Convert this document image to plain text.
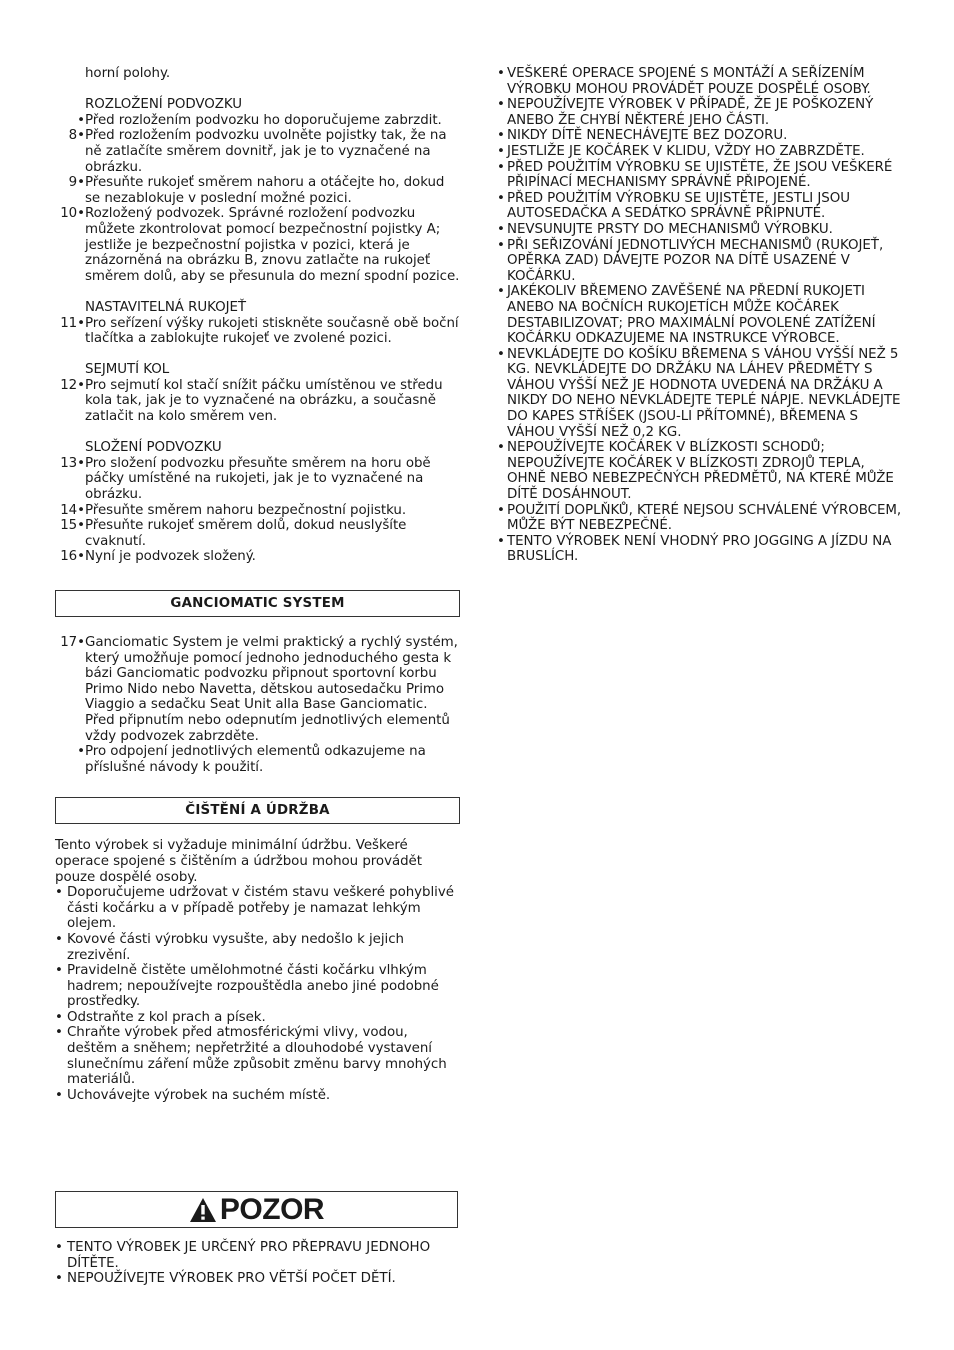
horní polohy.
ROZLOŽENÍ PODVOZKU
• Před rozložením podvozku ho doporučujeme zabrzdit.
8• Před rozložením podvozku uvolněte pojistky tak, že na ně zatlačíte směrem dovnitř, jak je to vyznačené na obrázku.
9• Přesuňte rukojeť směrem nahoru a otáčejte ho, dokud se nezablokuje v poslední možné pozici.
10• Rozložený podvozek. Správné rozložení podvozku můžete zkontrolovat pomocí bezpečnostní pojistky A; jestliže je bezpečnostní pojistka v pozici, která je znázorněná na obrázku B, znovu zatlačte na rukojeť směrem dolů, aby se přesunula do mezní spodní pozice.
NASTAVITELNÁ RUKOJEŤ
11• Pro seřízení výšky rukojeti stiskněte současně obě boční tlačítka a zablokujte rukojeť ve zvolené pozici.
SEJMUTÍ KOL
12• Pro sejmutí kol stačí snížit páčku umístěnou ve středu kola tak, jak je to vyznačené na obrázku, a současně zatlačit na kolo směrem ven.
SLOŽENÍ PODVOZKU
13• Pro složení podvozku přesuňte směrem na horu obě páčky umístěné na rukojeti, jak je to vyznačené na obrázku.
14• Přesuňte směrem nahoru bezpečnostní pojistku.
15• Přesuňte rukojeť směrem dolů, dokud neuslyšíte cvaknutí.
16• Nyní je podvozek složený.
GANCIOMATIC SYSTEM
17• Ganciomatic System je velmi praktický a rychlý systém, který umožňuje pomocí jednoho jednoduchého gesta k bázi Ganciomatic podvozku připnout sportovní korbu Primo Nido nebo Navetta, dětskou autosedačku Primo Viaggio a sedačku Seat Unit alla Base Ganciomatic. Před připnutím nebo odepnutím jednotlivých elementů vždy podvozek zabrzděte.
• Pro odpojení jednotlivých elementů odkazujeme na příslušné návody k použití.
ČIŠTĚNÍ A ÚDRŽBA
Tento výrobek si vyžaduje minimální údržbu. Veškeré operace spojené s čištěním a údržbou mohou provádět pouze dospělé osoby.
• Doporučujeme udržovat v čistém stavu veškeré pohyblivé části kočárku a v případě potřeby je namazat lehkým olejem.
• Kovové části výrobku vysušte, aby nedošlo k jejich zrezivění.
• Pravidelně čistěte umělohmotné části kočárku vlhkým hadrem; nepoužívejte rozpouštědla anebo jiné podobné prostředky.
• Odstraňte z kol prach a písek.
• Chraňte výrobek před atmosférickými vlivy, vodou, deštěm a sněhem; nepřetržité a dlouhodobé vystavení slunečnímu záření může způsobit změnu barvy mnohých materiálů.
• Uchovávejte výrobek na suchém místě.
POZOR
• TENTO VÝROBEK JE URČENÝ PRO PŘEPRAVU JEDNOHO DÍTĚTE.
• NEPOUŽÍVEJTE VÝROBEK PRO VĚTŠÍ POČET DĚTÍ.
• VEŠKERÉ OPERACE SPOJENÉ S MONTÁŽÍ A SEŘÍZENÍM VÝROBKU MOHOU PROVÁDĚT POUZE DOSPĚLÉ OSOBY.
• NEPOUŽÍVEJTE VÝROBEK V PŘÍPADĚ, ŽE JE POŠKOZENÝ ANEBO ŽE CHYBÍ NĚKTERÉ JEHO ČÁSTI.
• NIKDY DÍTĚ NENECHÁVEJTE BEZ DOZORU.
• JESTLIŽE JE KOČÁREK V KLIDU, VŽDY HO ZABRZDĚTE.
• PŘED POUŽITÍM VÝROBKU SE UJISTĚTE, ŽE JSOU VEŠKERÉ PŘIPÍNACÍ MECHANISMY SPRÁVNĚ PŘIPOJENÉ.
• PŘED POUŽITÍM VÝROBKU SE UJISTĚTE, JESTLI JSOU AUTOSEDAČKA A SEDÁTKO SPRÁVNĚ PŘIPNUTÉ.
• NEVSUNUJTE PRSTY DO MECHANISMŮ VÝROBKU.
• PŘI SEŘIZOVÁNÍ JEDNOTLIVÝCH MECHANISMŮ (RUKOJEŤ, OPĚRKA ZAD) DÁVEJTE POZOR NA DÍTĚ USAZENÉ V KOČÁRKU.
• JAKÉKOLIV BŘEMENO ZAVĚŠENÉ NA PŘEDNÍ RUKOJETI ANEBO NA BOČNÍCH RUKOJETÍCH MŮŽE KOČÁREK DESTABILIZOVAT; PRO MAXIMÁLNÍ POVOLENÉ ZATÍŽENÍ KOČÁRKU ODKAZUJEME NA INSTRUKCE VÝROBCE.
• NEVKLÁDEJTE DO KOŠÍKU BŘEMENA S VÁHOU VYŠŠÍ NEŽ 5 KG. NEVKLÁDEJTE DO DRŽÁKU NA LÁHEV PŘEDMĚTY S VÁHOU VYŠŠÍ NEŽ JE HODNOTA UVEDENÁ NA DRŽÁKU A NIKDY DO NEHO NEVKLÁDEJTE TEPLÉ NÁPJE. NEVKLÁDEJTE DO KAPES STŘÍŠEK (JSOU-LI PŘÍTOMNÉ), BŘEMENA S VÁHOU VYŠŠÍ NEŽ 0,2 KG.
• NEPOUŽÍVEJTE KOČÁREK V BLÍZKOSTI SCHODŮ; NEPOUŽÍVEJTE KOČÁREK V BLÍZKOSTI ZDROJŮ TEPLA, OHNĚ NEBO NEBEZPEČNÝCH PŘEDMĚTŮ, NA KTERÉ MŮŽE DÍTĚ DOSÁHNOUT.
• POUŽITÍ DOPLŇKŮ, KTERÉ NEJSOU SCHVÁLENÉ VÝROBCEM, MŮŽE BÝT NEBEZPEČNÉ.
• TENTO VÝROBEK NENÍ VHODNÝ PRO JOGGING A JÍZDU NA BRUSLÍCH.
